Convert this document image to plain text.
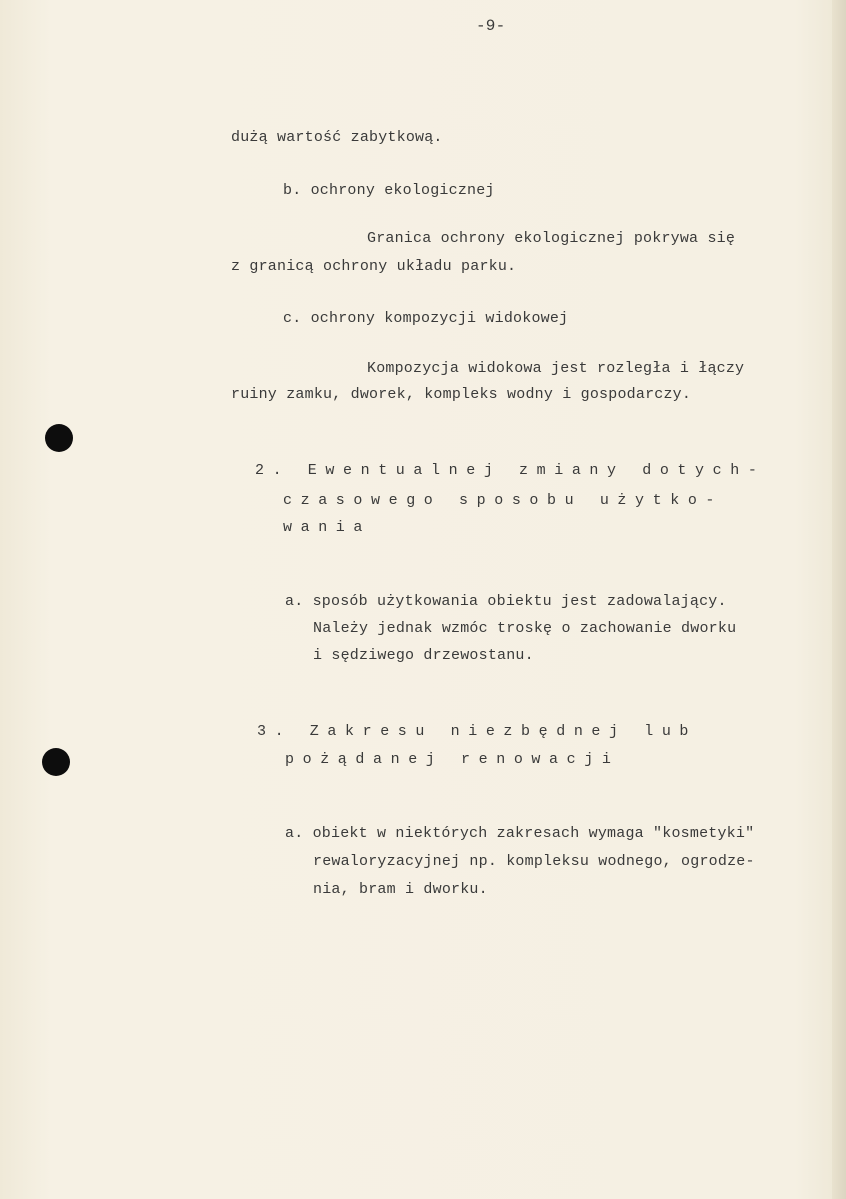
-9-
dużą wartość zabytkową.
b. ochrony ekologicznej
Granica ochrony ekologicznej pokrywa się
z granicą ochrony układu parku.
c. ochrony kompozycji widokowej
Kompozycja widokowa jest rozległa i łączy
ruiny zamku, dworek, kompleks wodny i gospodarczy.
2. Ewentualnej zmiany dotych-
czasowego sposobu użytko-
wania
a. sposób użytkowania obiektu jest zadowalający.
Należy jednak wzmóc troskę o zachowanie dworku
i sędziwego drzewostanu.
3. Zakresu niezbędnej lub
pożądanej renowacji
a. obiekt w niektórych zakresach wymaga "kosmetyki"
rewaloryzacyjnej np. kompleksu wodnego, ogrodze-
nia, bram i dworku.
